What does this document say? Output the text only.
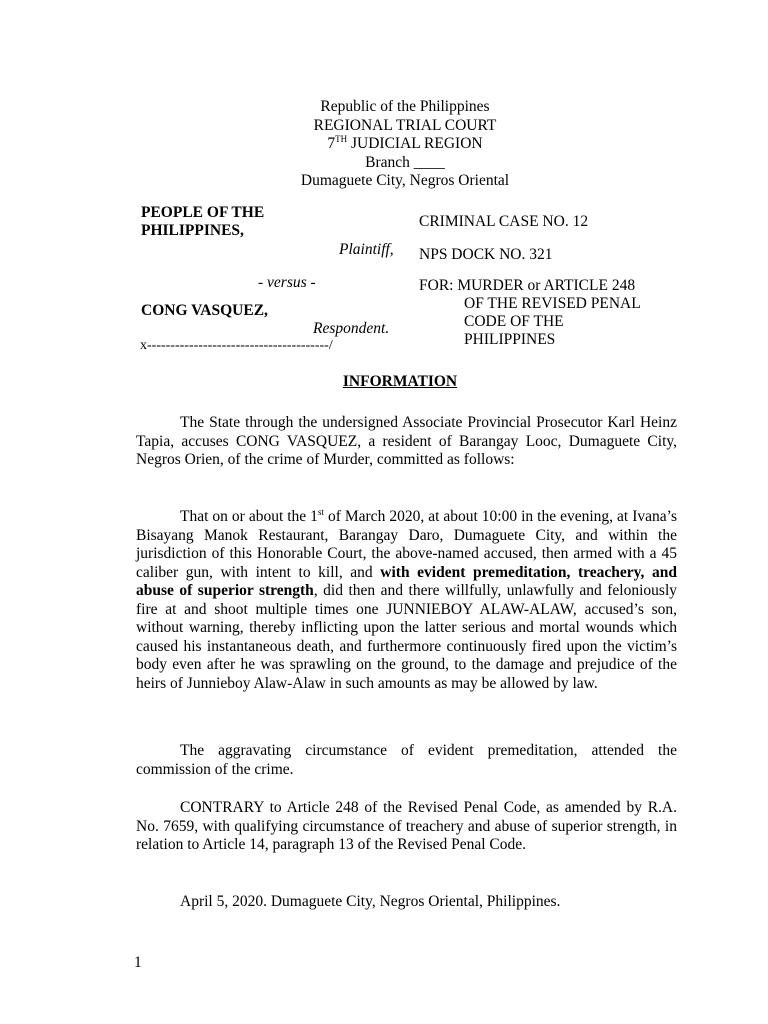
Republic of the Philippines
REGIONAL TRIAL COURT
7TH JUDICIAL REGION
Branch ____
Dumaguete City, Negros Oriental
PEOPLE OF THE
PHILIPPINES,
Plaintiff,
- versus -
CONG VASQUEZ,
Respondent.
x---------------------------------------/
CRIMINAL CASE NO. 12
NPS DOCK NO. 321
FOR: MURDER or ARTICLE 248
OF THE REVISED PENAL
CODE OF THE
PHILIPPINES
INFORMATION
The State through the undersigned Associate Provincial Prosecutor Karl Heinz Tapia, accuses CONG VASQUEZ, a resident of Barangay Looc, Dumaguete City, Negros Orien, of the crime of Murder, committed as follows:
That on or about the 1st of March 2020, at about 10:00 in the evening, at Ivana’s Bisayang Manok Restaurant, Barangay Daro, Dumaguete City, and within the jurisdiction of this Honorable Court, the above-named accused, then armed with a 45 caliber gun, with intent to kill, and with evident premeditation, treachery, and abuse of superior strength, did then and there willfully, unlawfully and feloniously fire at and shoot multiple times one JUNNIEBOY ALAW-ALAW, accused’s son, without warning, thereby inflicting upon the latter serious and mortal wounds which caused his instantaneous death, and furthermore continuously fired upon the victim’s body even after he was sprawling on the ground, to the damage and prejudice of the heirs of Junnieboy Alaw-Alaw in such amounts as may be allowed by law.
The aggravating circumstance of evident premeditation, attended the commission of the crime.
CONTRARY to Article 248 of the Revised Penal Code, as amended by R.A. No. 7659, with qualifying circumstance of treachery and abuse of superior strength, in relation to Article 14, paragraph 13 of the Revised Penal Code.
April 5, 2020. Dumaguete City, Negros Oriental, Philippines.
1
